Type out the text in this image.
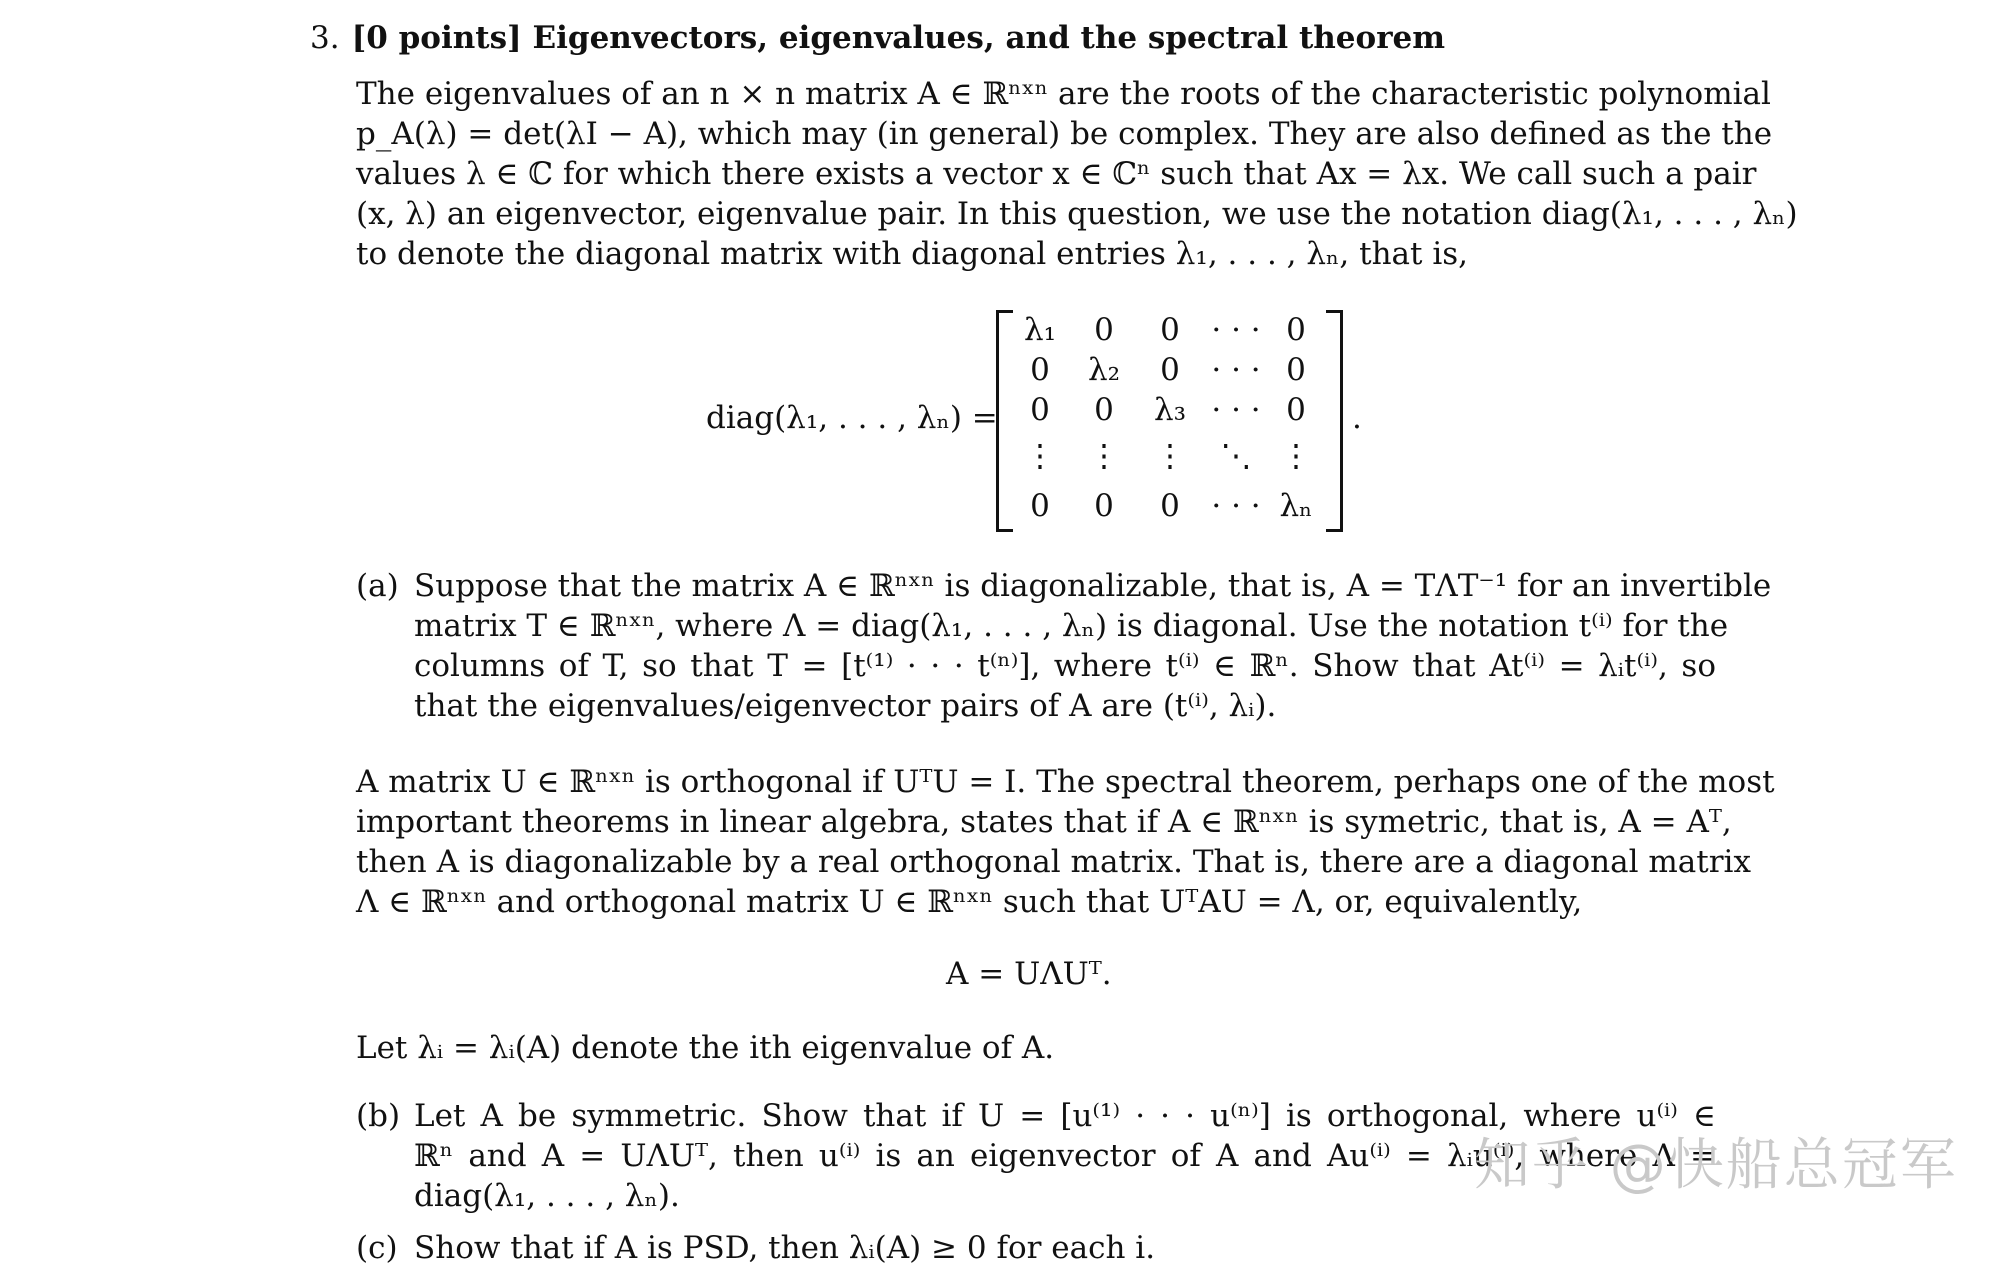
3. [0 points] Eigenvectors, eigenvalues, and the spectral theorem
The eigenvalues of an n × n matrix A ∈ ℝⁿˣⁿ are the roots of the characteristic polynomial
p_A(λ) = det(λI − A), which may (in general) be complex. They are also defined as the the
values λ ∈ ℂ for which there exists a vector x ∈ ℂⁿ such that Ax = λx. We call such a pair
(x, λ) an eigenvector, eigenvalue pair. In this question, we use the notation diag(λ₁, . . . , λₙ)
to denote the diagonal matrix with diagonal entries λ₁, . . . , λₙ, that is,
diag(λ₁, . . . , λₙ) =
λ₁	0	0	· · · 0
0	λ₂	0	· · · 0
0	0	λ₃ · · · 0
⋮	⋮	⋮	⋱ ⋮
0	0	0	· · · λₙ
.
(a) Suppose that the matrix A ∈ ℝⁿˣⁿ is diagonalizable, that is, A = TΛT⁻¹ for an invertible
matrix T ∈ ℝⁿˣⁿ, where Λ = diag(λ₁, . . . , λₙ) is diagonal. Use the notation t⁽ⁱ⁾ for the
columns of T, so that T = [t⁽¹⁾ · · · t⁽ⁿ⁾], where t⁽ⁱ⁾ ∈ ℝⁿ. Show that At⁽ⁱ⁾ = λᵢt⁽ⁱ⁾, so
that the eigenvalues/eigenvector pairs of A are (t⁽ⁱ⁾, λᵢ).
A matrix U ∈ ℝⁿˣⁿ is orthogonal if UᵀU = I. The spectral theorem, perhaps one of the most
important theorems in linear algebra, states that if A ∈ ℝⁿˣⁿ is symetric, that is, A = Aᵀ,
then A is diagonalizable by a real orthogonal matrix. That is, there are a diagonal matrix
Λ ∈ ℝⁿˣⁿ and orthogonal matrix U ∈ ℝⁿˣⁿ such that UᵀAU = Λ, or, equivalently,
A = UΛUᵀ.
Let λᵢ = λᵢ(A) denote the ith eigenvalue of A.
(b) Let A be symmetric. Show that if U = [u⁽¹⁾ · · · u⁽ⁿ⁾] is orthogonal, where u⁽ⁱ⁾ ∈
ℝⁿ and A = UΛUᵀ, then u⁽ⁱ⁾ is an eigenvector of A and Au⁽ⁱ⁾ = λᵢu⁽ⁱ⁾, where Λ =
diag(λ₁, . . . , λₙ).
(c) Show that if A is PSD, then λᵢ(A) ≥ 0 for each i.
知乎 @快船总冠军
